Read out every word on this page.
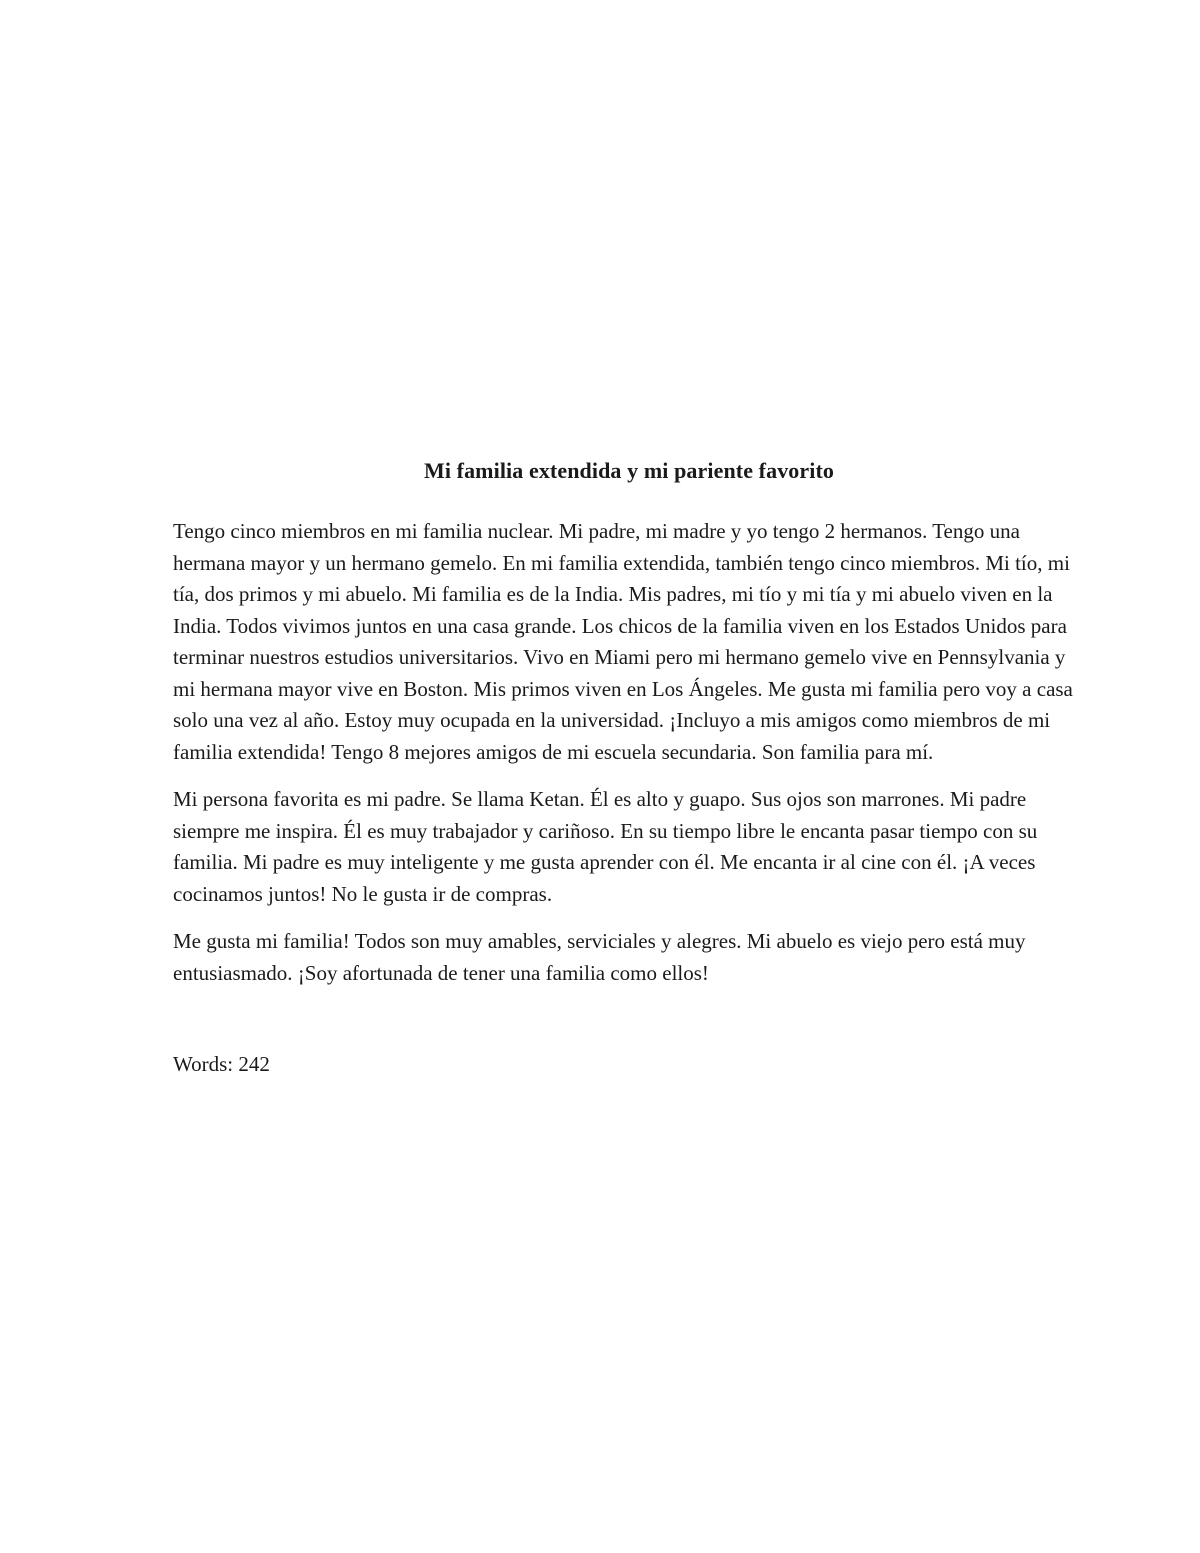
Mi familia extendida y mi pariente favorito

Tengo cinco miembros en mi familia nuclear. Mi padre, mi madre y yo tengo 2 hermanos. Tengo una hermana mayor y un hermano gemelo. En mi familia extendida, también tengo cinco miembros. Mi tío, mi tía, dos primos y mi abuelo. Mi familia es de la India. Mis padres, mi tío y mi tía y mi abuelo viven en la India. Todos vivimos juntos en una casa grande. Los chicos de la familia viven en los Estados Unidos para terminar nuestros estudios universitarios. Vivo en Miami pero mi hermano gemelo vive en Pennsylvania y mi hermana mayor vive en Boston. Mis primos viven en Los Ángeles. Me gusta mi familia pero voy a casa solo una vez al año. Estoy muy ocupada en la universidad. ¡Incluyo a mis amigos como miembros de mi familia extendida! Tengo 8 mejores amigos de mi escuela secundaria. Son familia para mí.

Mi persona favorita es mi padre. Se llama Ketan. Él es alto y guapo. Sus ojos son marrones. Mi padre siempre me inspira. Él es muy trabajador y cariñoso. En su tiempo libre le encanta pasar tiempo con su familia. Mi padre es muy inteligente y me gusta aprender con él. Me encanta ir al cine con él. ¡A veces cocinamos juntos! No le gusta ir de compras.

Me gusta mi familia! Todos son muy amables, serviciales y alegres. Mi abuelo es viejo pero está muy entusiasmado. ¡Soy afortunada de tener una familia como ellos!

Words: 242
